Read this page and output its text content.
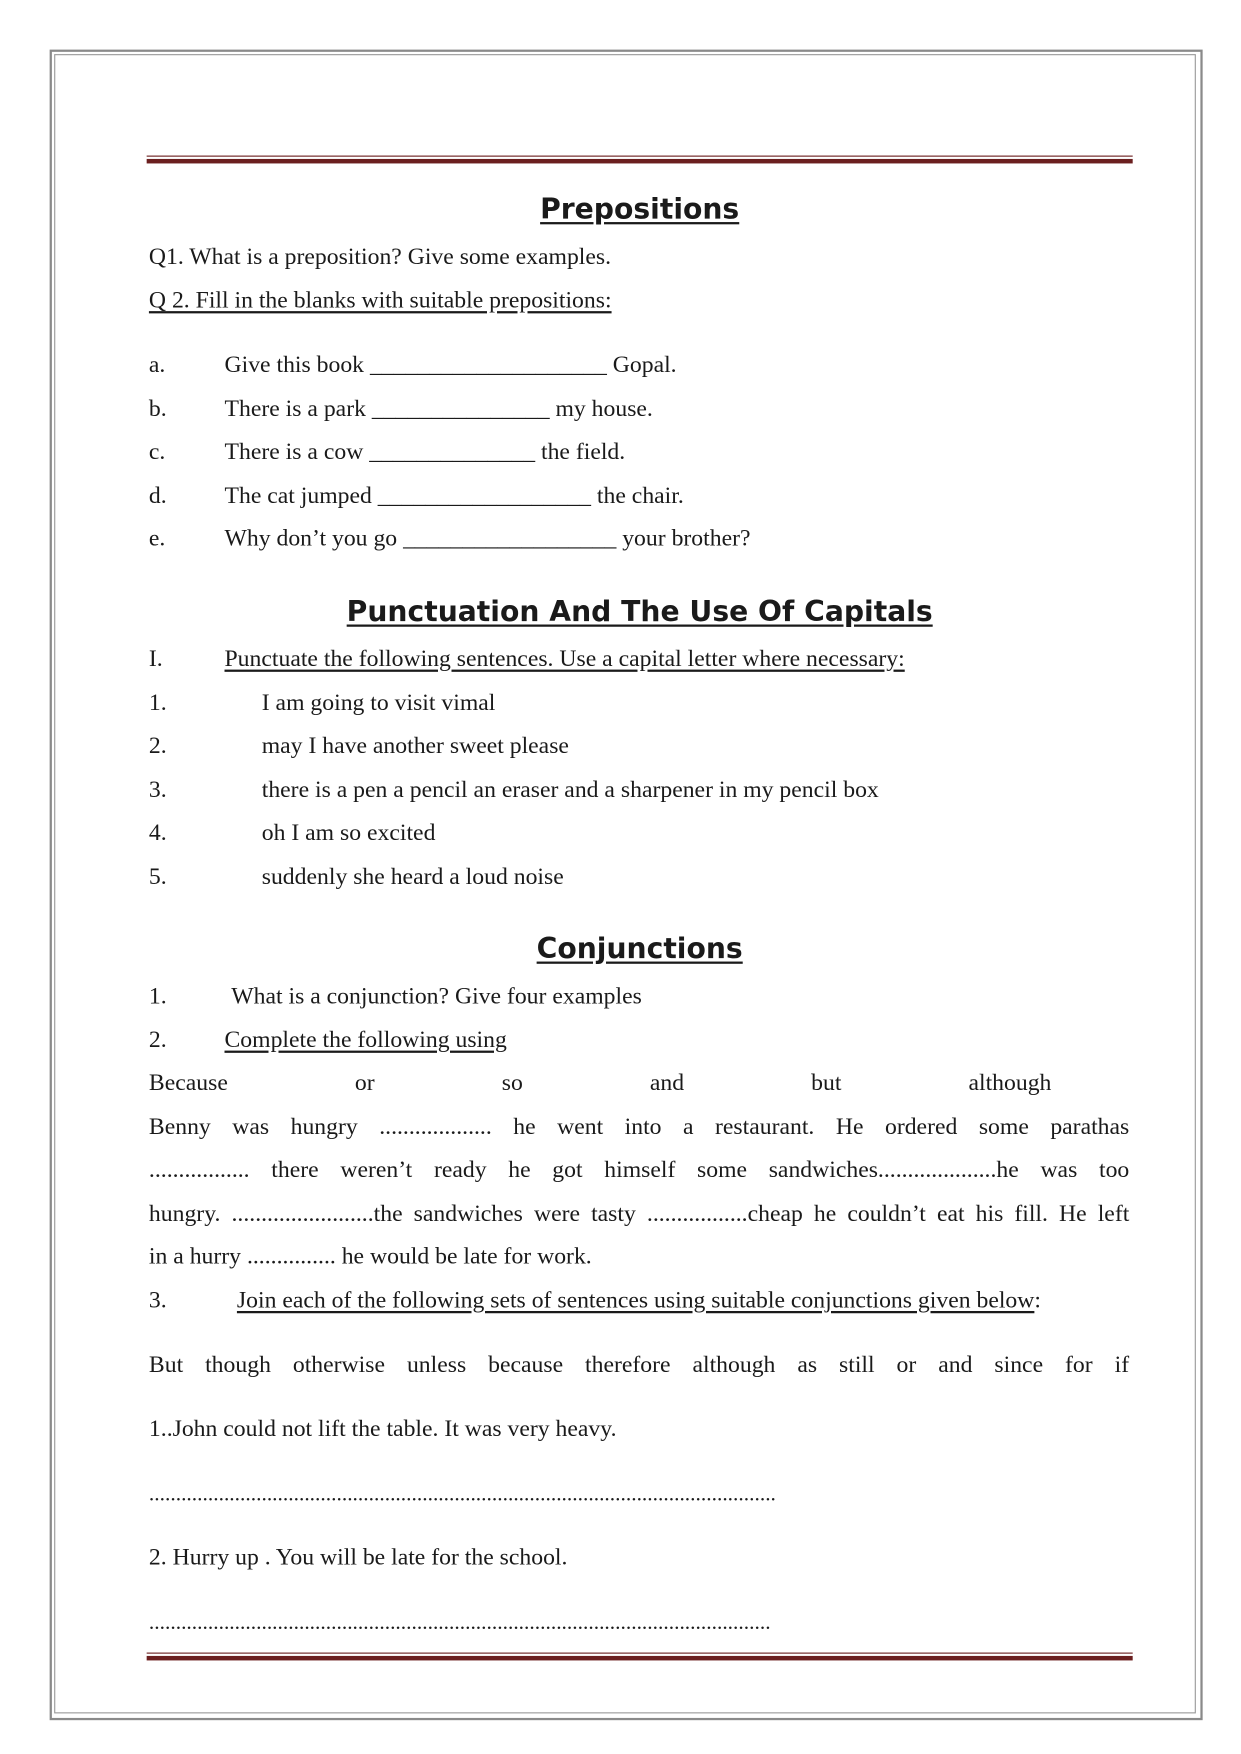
Prepositions
Q1. What is a preposition? Give some examples.
Q 2. Fill in the blanks with suitable prepositions:
a.	Give this book ____________________ Gopal.
b.	There is a park _______________ my house.
c.	There is a cow ______________ the field.
d.	The cat jumped __________________ the chair.
e.	Why don’t you go __________________ your brother?
Punctuation And The Use Of Capitals
I.	Punctuate the following sentences. Use a capital letter where necessary:
1.	I am going to visit vimal
2.	may I have another sweet please
3.	there is a pen a pencil an eraser and a sharpener in my pencil box
4.	oh I am so excited
5.	suddenly she heard a loud noise
Conjunctions
1.	What is a conjunction? Give four examples
2.	Complete the following using
Because	or	so	and	but	although
Benny was hungry ................... he went into a restaurant. He ordered some parathas
................. there weren’t ready he got himself some sandwiches....................he was too
hungry. ........................the sandwiches were tasty .................cheap he couldn’t eat his fill. He left
in a hurry ............... he would be late for work.
3.	Join each of the following sets of sentences using suitable conjunctions given below:
But though otherwise unless because therefore although as still or and since for if
1..John could not lift the table. It was very heavy.
.....................................................................................................................
2. Hurry up . You will be late for the school.
....................................................................................................................
